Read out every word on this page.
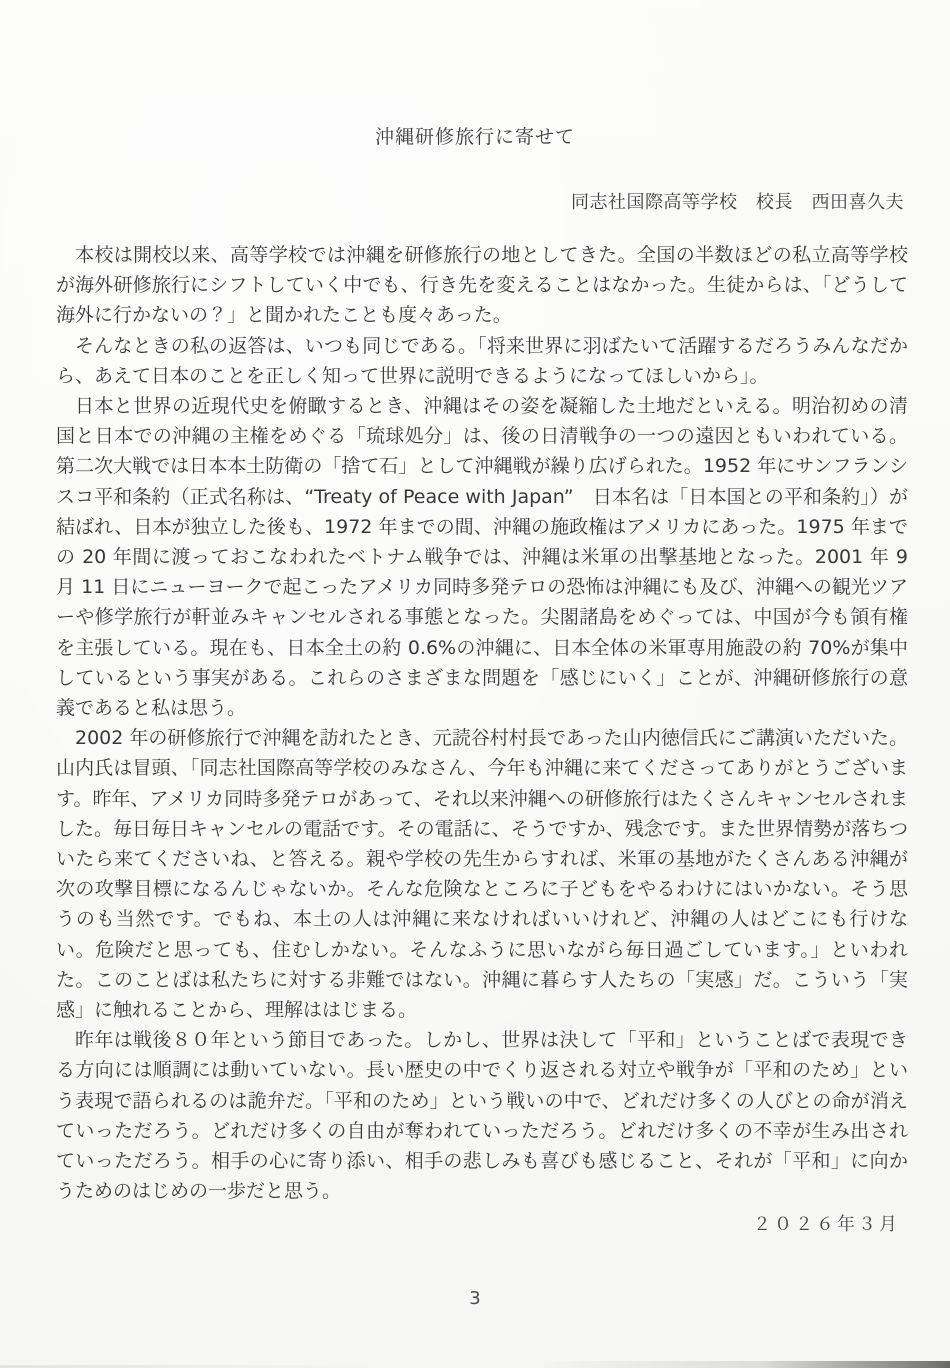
沖縄研修旅行に寄せて
同志社国際高等学校　校長　西田喜久夫

本校は開校以来、高等学校では沖縄を研修旅行の地としてきた。全国の半数ほどの私立高等学校が海外研修旅行にシフトしていく中でも、行き先を変えることはなかった。生徒からは、「どうして海外に行かないの？」と聞かれたことも度々あった。

そんなときの私の返答は、いつも同じである。「将来世界に羽ばたいて活躍するだろうみんなだから、あえて日本のことを正しく知って世界に説明できるようになってほしいから」。

日本と世界の近現代史を俯瞰するとき、沖縄はその姿を凝縮した土地だといえる。明治初めの清国と日本での沖縄の主権をめぐる「琉球処分」は、後の日清戦争の一つの遠因ともいわれている。第二次大戦では日本本土防衛の「捨て石」として沖縄戦が繰り広げられた。1952 年にサンフランシスコ平和条約（正式名称は、“Treaty of Peace with Japan”　日本名は「日本国との平和条約」）が結ばれ、日本が独立した後も、1972 年までの間、沖縄の施政権はアメリカにあった。1975 年までの 20 年間に渡っておこなわれたベトナム戦争では、沖縄は米軍の出撃基地となった。2001 年 9 月 11 日にニューヨークで起こったアメリカ同時多発テロの恐怖は沖縄にも及び、沖縄への観光ツアーや修学旅行が軒並みキャンセルされる事態となった。尖閣諸島をめぐっては、中国が今も領有権を主張している。現在も、日本全土の約 0.6%の沖縄に、日本全体の米軍専用施設の約 70%が集中しているという事実がある。これらのさまざまな問題を「感じにいく」ことが、沖縄研修旅行の意義であると私は思う。

2002 年の研修旅行で沖縄を訪れたとき、元読谷村村長であった山内徳信氏にご講演いただいた。山内氏は冒頭、「同志社国際高等学校のみなさん、今年も沖縄に来てくださってありがとうございます。昨年、アメリカ同時多発テロがあって、それ以来沖縄への研修旅行はたくさんキャンセルされました。毎日毎日キャンセルの電話です。その電話に、そうですか、残念です。また世界情勢が落ちついたら来てくださいね、と答える。親や学校の先生からすれば、米軍の基地がたくさんある沖縄が次の攻撃目標になるんじゃないか。そんな危険なところに子どもをやるわけにはいかない。そう思うのも当然です。でもね、本土の人は沖縄に来なければいいけれど、沖縄の人はどこにも行けない。危険だと思っても、住むしかない。そんなふうに思いながら毎日過ごしています。」といわれた。このことばは私たちに対する非難ではない。沖縄に暮らす人たちの「実感」だ。こういう「実感」に触れることから、理解ははじまる。

昨年は戦後８０年という節目であった。しかし、世界は決して「平和」ということばで表現できる方向には順調には動いていない。長い歴史の中でくり返される対立や戦争が「平和のため」という表現で語られるのは詭弁だ。「平和のため」という戦いの中で、どれだけ多くの人びとの命が消えていっただろう。どれだけ多くの自由が奪われていっただろう。どれだけ多くの不幸が生み出されていっただろう。相手の心に寄り添い、相手の悲しみも喜びも感じること、それが「平和」に向かうためのはじめの一歩だと思う。

２０２６年３月
3
